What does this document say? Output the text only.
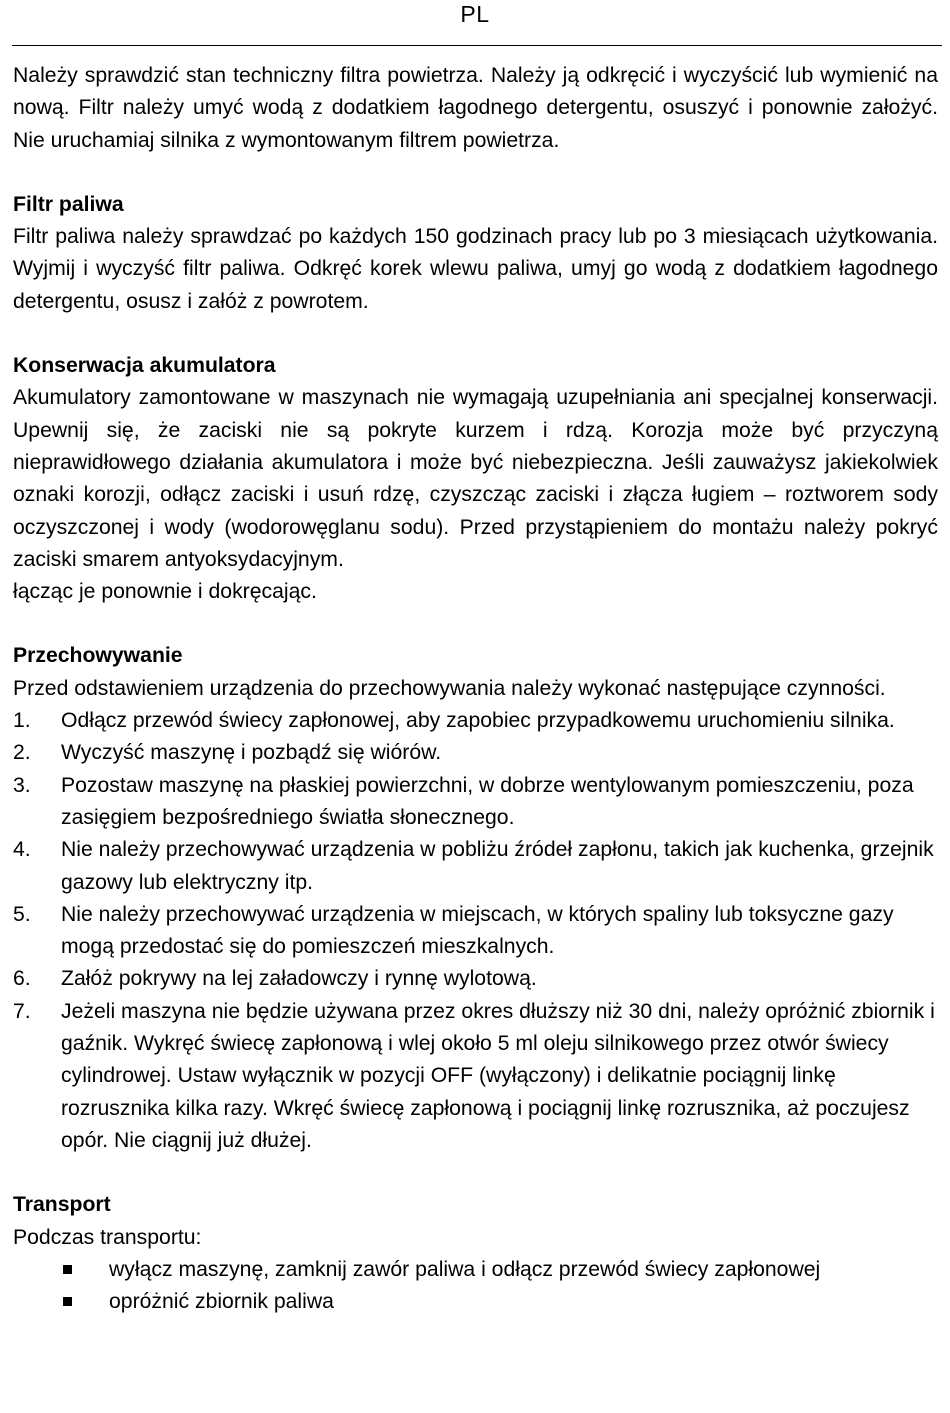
PL

Należy sprawdzić stan techniczny filtra powietrza. Należy ją odkręcić i wyczyścić lub wymienić na nową. Filtr należy umyć wodą z dodatkiem łagodnego detergentu, osuszyć i ponownie założyć. Nie uruchamiaj silnika z wymontowanym filtrem powietrza.

Filtr paliwa

Filtr paliwa należy sprawdzać po każdych 150 godzinach pracy lub po 3 miesiącach użytkowania. Wyjmij i wyczyść filtr paliwa. Odkręć korek wlewu paliwa, umyj go wodą z dodatkiem łagodnego detergentu, osusz i załóż z powrotem.

Konserwacja akumulatora

Akumulatory zamontowane w maszynach nie wymagają uzupełniania ani specjalnej konserwacji. Upewnij się, że zaciski nie są pokryte kurzem i rdzą. Korozja może być przyczyną nieprawidłowego działania akumulatora i może być niebezpieczna. Jeśli zauważysz jakiekolwiek oznaki korozji, odłącz zaciski i usuń rdzę, czyszcząc zaciski i złącza ługiem – roztworem sody oczyszczonej i wody (wodorowęglanu sodu). Przed przystąpieniem do montażu należy pokryć zaciski smarem antyoksydacyjnym.

łącząc je ponownie i dokręcając.

Przechowywanie

Przed odstawieniem urządzenia do przechowywania należy wykonać następujące czynności.

1. Odłącz przewód świecy zapłonowej, aby zapobiec przypadkowemu uruchomieniu silnika.
2. Wyczyść maszynę i pozbądź się wiórów.
3. Pozostaw maszynę na płaskiej powierzchni, w dobrze wentylowanym pomieszczeniu, poza zasięgiem bezpośredniego światła słonecznego.
4. Nie należy przechowywać urządzenia w pobliżu źródeł zapłonu, takich jak kuchenka, grzejnik gazowy lub elektryczny itp.
5. Nie należy przechowywać urządzenia w miejscach, w których spaliny lub toksyczne gazy mogą przedostać się do pomieszczeń mieszkalnych.
6. Załóż pokrywy na lej załadowczy i rynnę wylotową.
7. Jeżeli maszyna nie będzie używana przez okres dłuższy niż 30 dni, należy opróżnić zbiornik i gaźnik. Wykręć świecę zapłonową i wlej około 5 ml oleju silnikowego przez otwór świecy cylindrowej. Ustaw wyłącznik w pozycji OFF (wyłączony) i delikatnie pociągnij linkę rozrusznika kilka razy. Wkręć świecę zapłonową i pociągnij linkę rozrusznika, aż poczujesz opór. Nie ciągnij już dłużej.

Transport

Podczas transportu:

wyłącz maszynę, zamknij zawór paliwa i odłącz przewód świecy zapłonowej
opróżnić zbiornik paliwa
